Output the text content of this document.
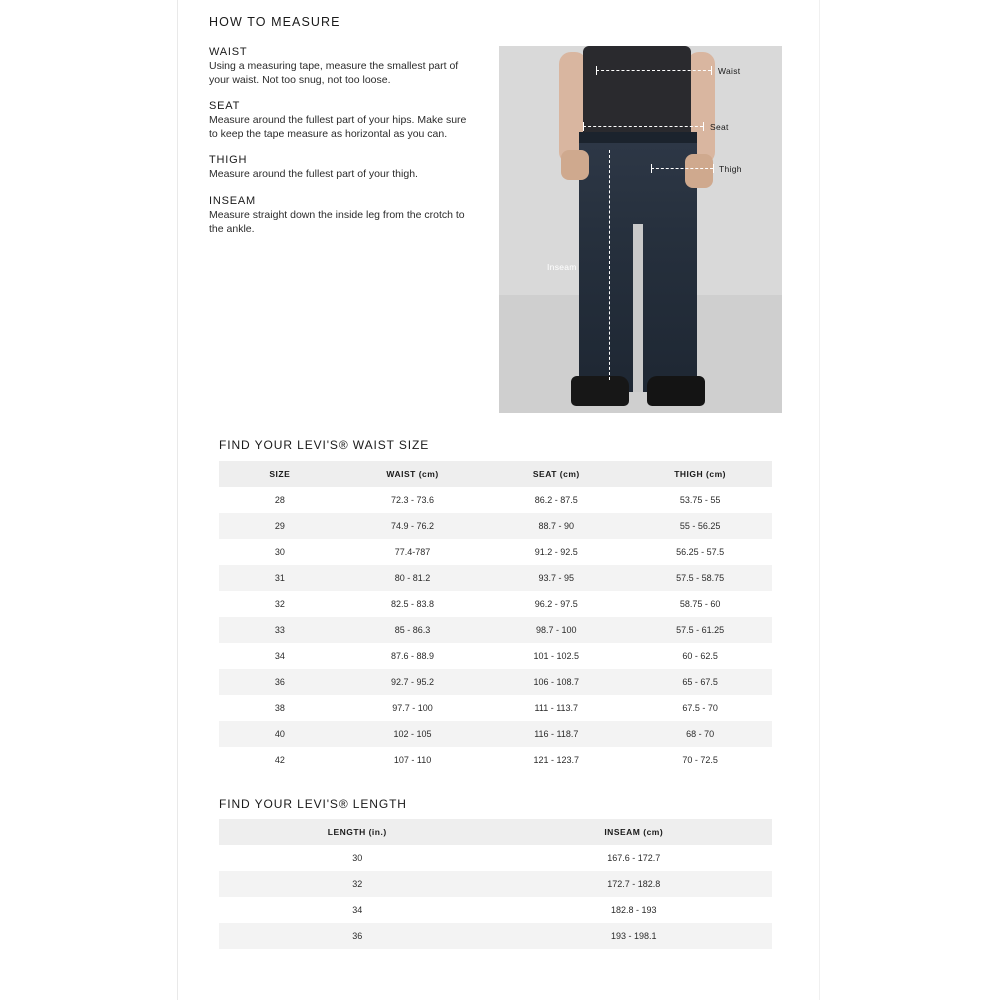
HOW TO MEASURE
WAIST
Using a measuring tape, measure the smallest part of your waist. Not too snug, not too loose.
SEAT
Measure around the fullest part of your hips. Make sure to keep the tape measure as horizontal as you can.
THIGH
Measure around the fullest part of your thigh.
INSEAM
Measure straight down the inside leg from the crotch to the ankle.
Waist
Seat
Thigh
Inseam
FIND YOUR LEVI'S® WAIST SIZE
SIZE	WAIST (cm)	SEAT (cm)	THIGH (cm)
28	72.3 - 73.6	86.2 - 87.5	53.75 - 55
29	74.9 - 76.2	88.7 - 90	55 - 56.25
30	77.4-787	91.2 - 92.5	56.25 - 57.5
31	80 - 81.2	93.7 - 95	57.5 - 58.75
32	82.5 - 83.8	96.2 - 97.5	58.75 - 60
33	85 - 86.3	98.7 - 100	57.5 - 61.25
34	87.6 - 88.9	101 - 102.5	60 - 62.5
36	92.7 - 95.2	106 - 108.7	65 - 67.5
38	97.7 - 100	111 - 113.7	67.5 - 70
40	102 - 105	116 - 118.7	68 - 70
42	107 - 110	121 - 123.7	70 - 72.5
FIND YOUR LEVI'S® LENGTH
LENGTH (in.)	INSEAM (cm)
30	167.6 - 172.7
32	172.7 - 182.8
34	182.8 - 193
36	193 - 198.1
